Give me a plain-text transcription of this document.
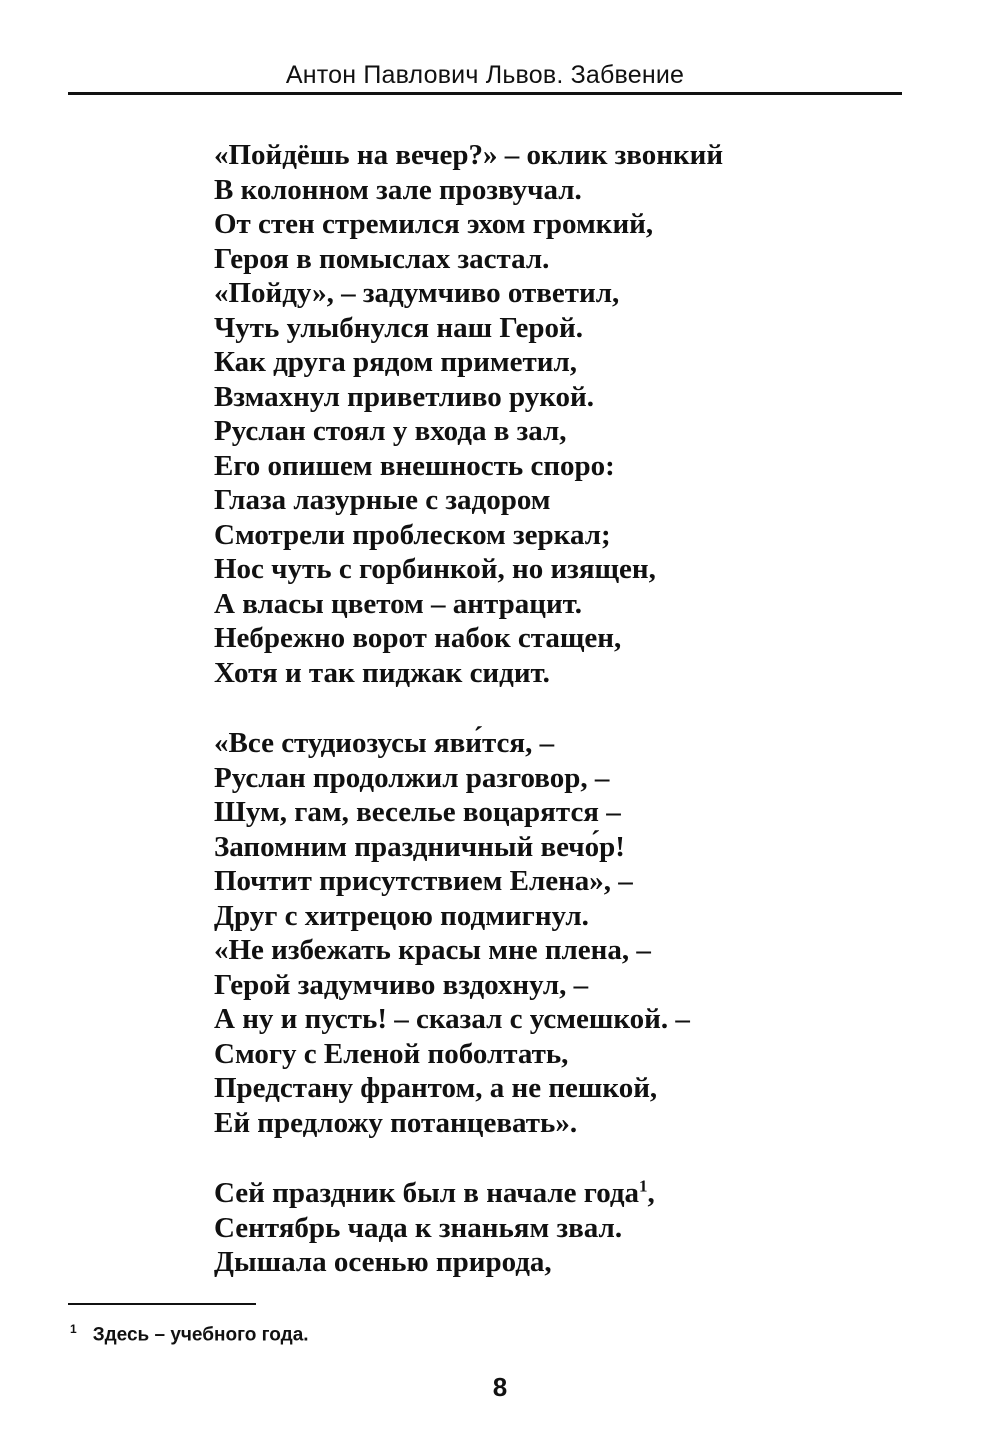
Антон Павлович Львов. Забвение
«Пойдёшь на вечер?» – оклик звонкий
В колонном зале прозвучал.
От стен стремился эхом громкий,
Героя в помыслах застал.
«Пойду», – задумчиво ответил,
Чуть улыбнулся наш Герой.
Как друга рядом приметил,
Взмахнул приветливо рукой.
Руслан стоял у входа в зал,
Его опишем внешность споро:
Глаза лазурные с задором
Смотрели проблеском зеркал;
Нос чуть с горбинкой, но изящен,
А власы цветом – антрацит.
Небрежно ворот набок стащен,
Хотя и так пиджак сидит.
«Все студиозусы яви́тся, –
Руслан продолжил разговор, –
Шум, гам, веселье воцарятся –
Запомним праздничный вечо́р!
Почтит присутствием Елена», –
Друг с хитрецою подмигнул.
«Не избежать красы мне плена, –
Герой задумчиво вздохнул, –
А ну и пусть! – сказал с усмешкой. –
Смогу с Еленой поболтать,
Предстану франтом, а не пешкой,
Ей предложу потанцевать».
Сей праздник был в начале года$^1$,
Сентябрь чада к знаньям звал.
Дышала осенью природа,
$^1$ Здесь – учебного года.
8
